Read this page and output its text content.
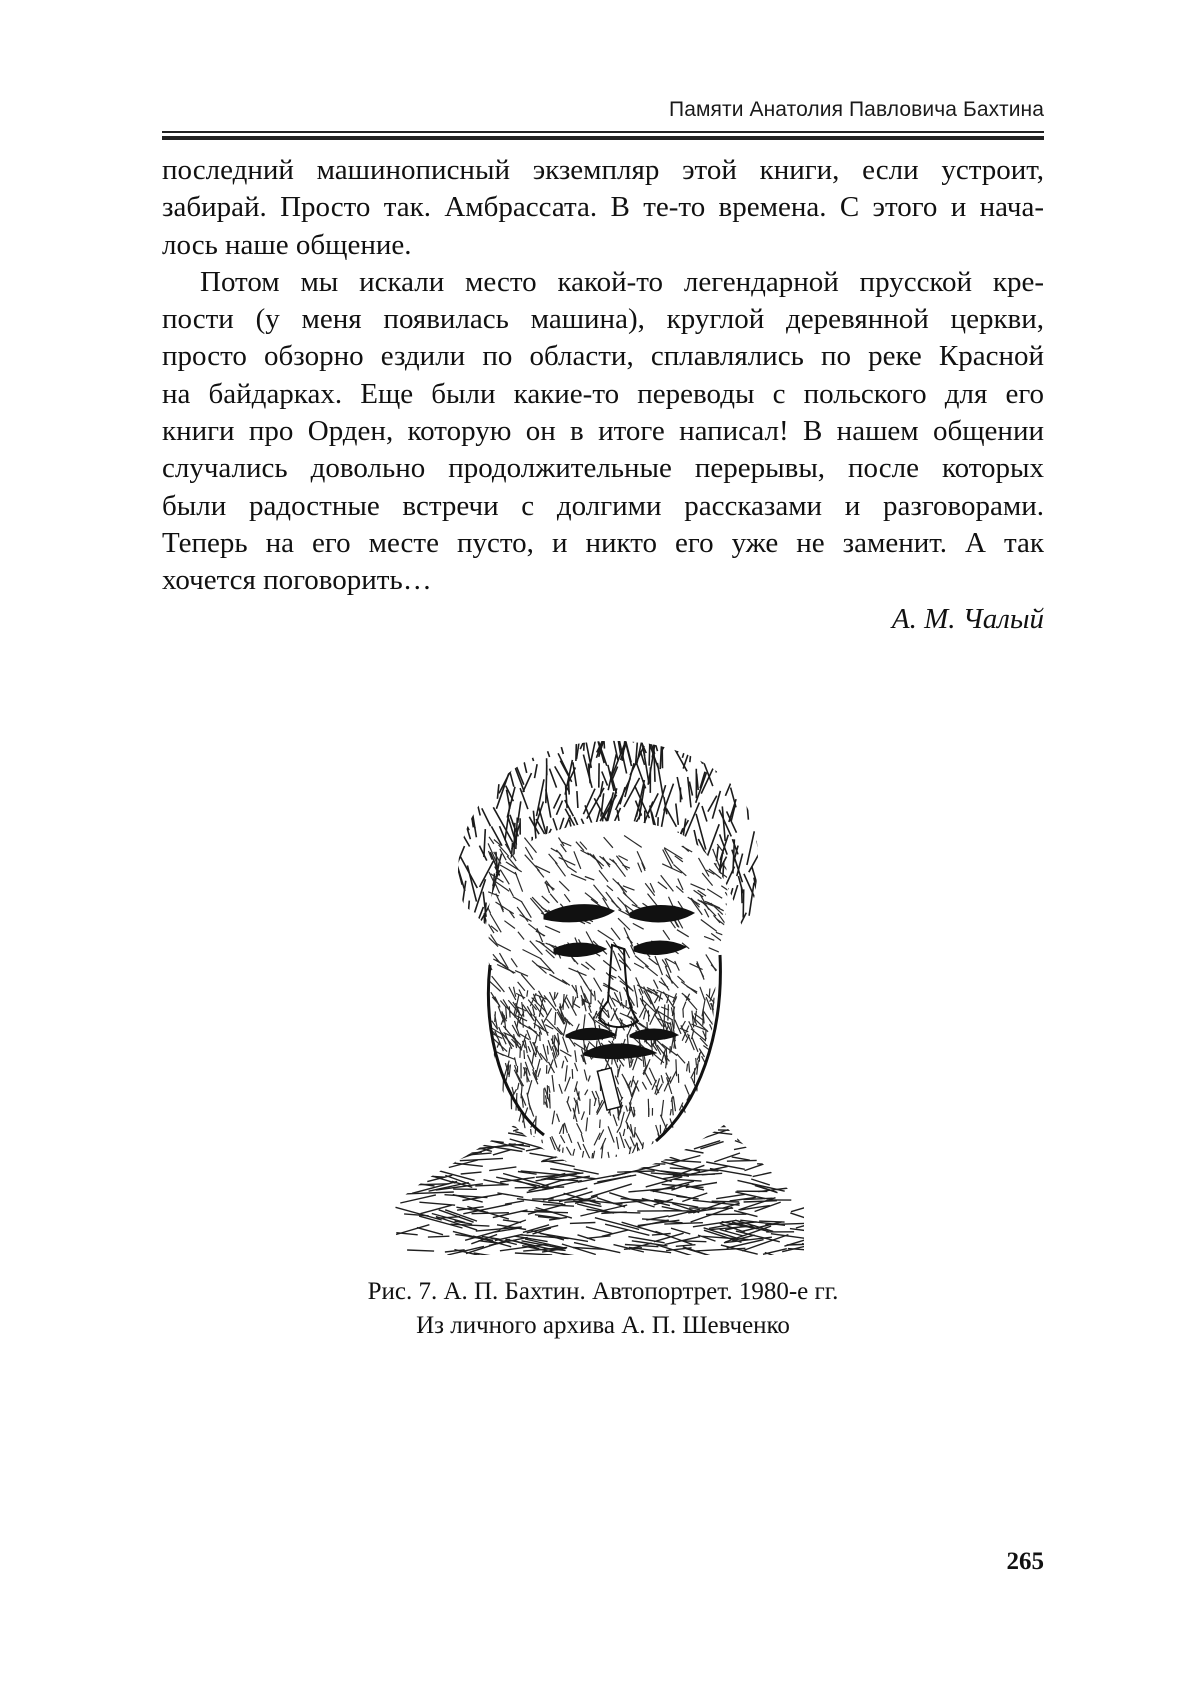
Памяти Анатолия Павловича Бахтина
последний машинописный экземпляр этой книги, если устроит,
забирай. Просто так. Амбрассата. В те-то времена. С этого и нача-
лось наше общение.
Потом мы искали место какой-то легендарной прусской кре-
пости (у меня появилась машина), круглой деревянной церкви,
просто обзорно ездили по области, сплавлялись по реке Красной
на байдарках. Еще были какие-то переводы с польского для его
книги про Орден, которую он в итоге написал! В нашем общении
случались довольно продолжительные перерывы, после которых
были радостные встречи с долгими рассказами и разговорами.
Теперь на его месте пусто, и никто его уже не заменит. А так
хочется поговорить…
А. М. Чалый
Рис. 7. А. П. Бахтин. Автопортрет. 1980-е гг.
Из личного архива А. П. Шевченко
265
